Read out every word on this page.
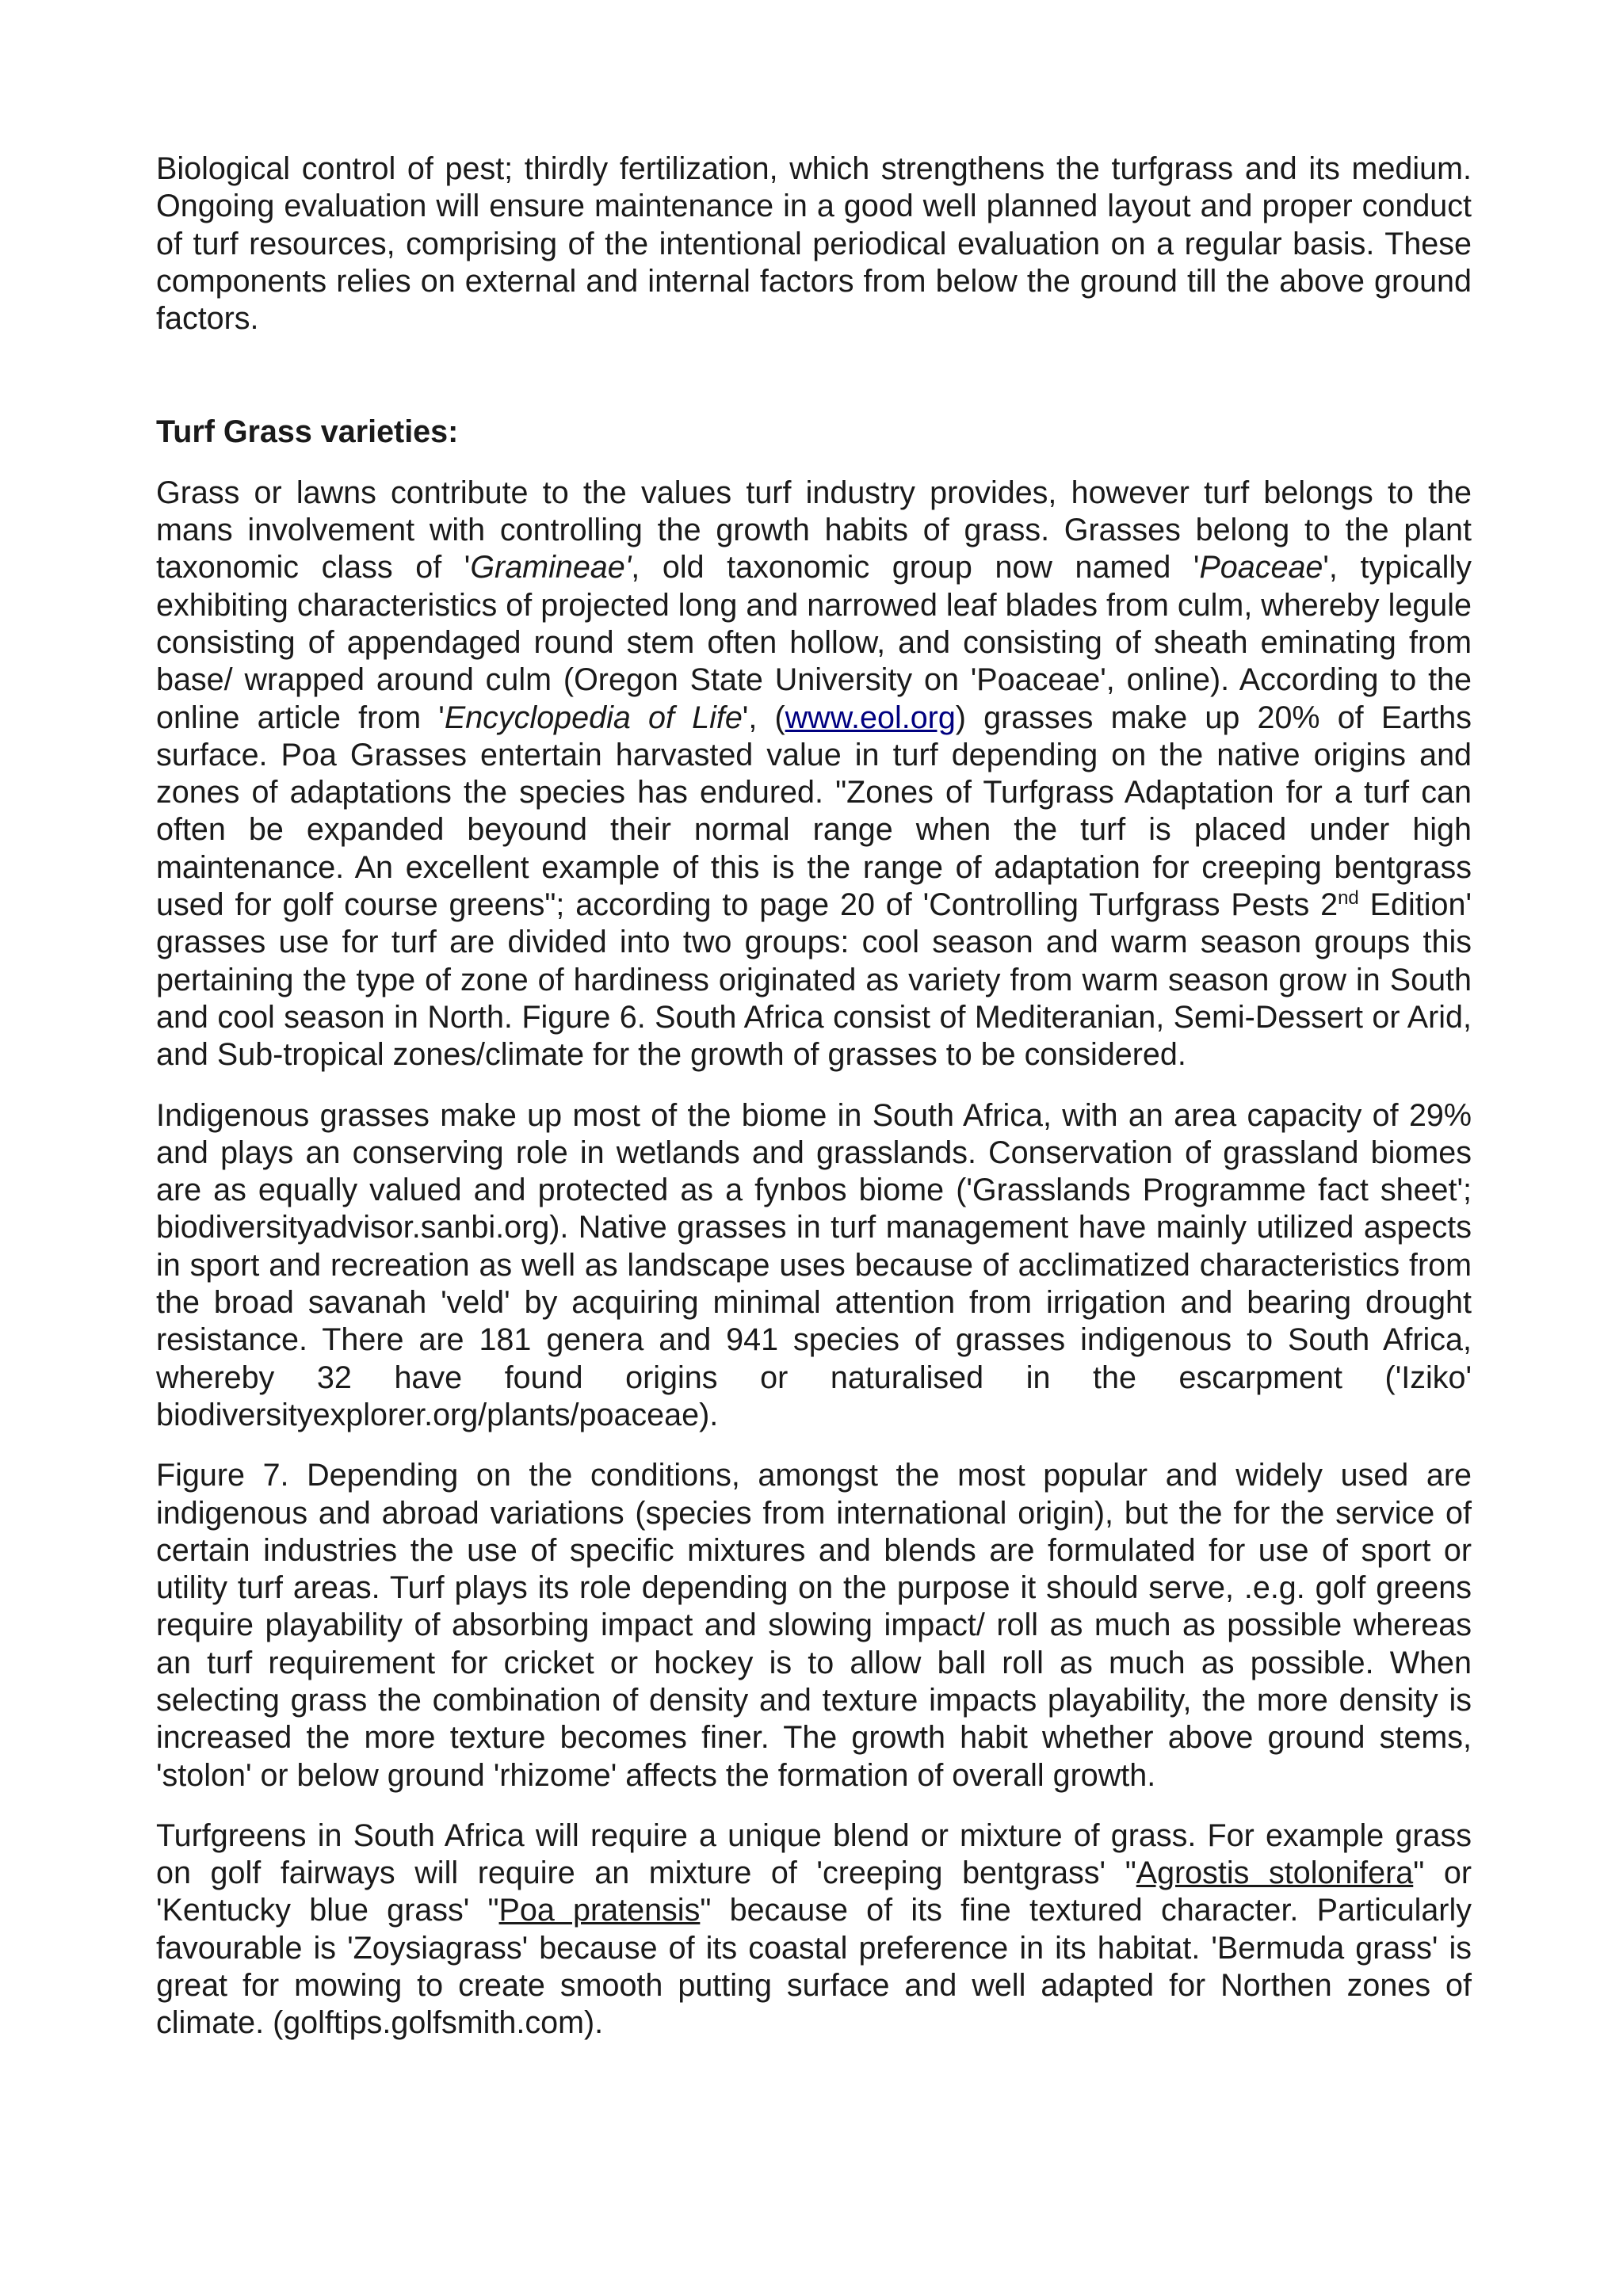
Biological control of pest; thirdly fertilization, which strengthens the turfgrass and its medium. Ongoing evaluation will ensure maintenance in a good well planned layout and proper conduct of turf resources, comprising of the intentional periodical evaluation on a regular basis. These components relies on external and internal factors from below the ground till the above ground factors.

Turf Grass varieties:

Grass or lawns contribute to the values turf industry provides, however turf belongs to the mans involvement with controlling the growth habits of grass. Grasses belong to the plant taxonomic class of 'Gramineae', old taxonomic group now named 'Poaceae', typically exhibiting characteristics of projected long and narrowed leaf blades from culm, whereby legule consisting of appendaged round stem often hollow, and consisting of sheath eminating from base/ wrapped around culm (Oregon State University on 'Poaceae', online). According to the online article from 'Encyclopedia of Life', (www.eol.org) grasses make up 20% of Earths surface. Poa Grasses entertain harvasted value in turf depending on the native origins and zones of adaptations the species has endured. "Zones of Turfgrass Adaptation for a turf can often be expanded beyound their normal range when the turf is placed under high maintenance. An excellent example of this is the range of adaptation for creeping bentgrass used for golf course greens"; according to page 20 of 'Controlling Turfgrass Pests 2nd Edition' grasses use for turf are divided into two groups: cool season and warm season groups this pertaining the type of zone of hardiness originated as variety from warm season grow in South and cool season in North. Figure 6. South Africa consist of Mediteranian, Semi-Dessert or Arid, and Sub-tropical zones/climate for the growth of grasses to be considered.

Indigenous grasses make up most of the biome in South Africa, with an area capacity of 29% and plays an conserving role in wetlands and grasslands. Conservation of grassland biomes are as equally valued and protected as a fynbos biome ('Grasslands Programme fact sheet'; biodiversityadvisor.sanbi.org). Native grasses in turf management have mainly utilized aspects in sport and recreation as well as landscape uses because of acclimatized characteristics from the broad savanah 'veld' by acquiring minimal attention from irrigation and bearing drought resistance. There are 181 genera and 941 species of grasses indigenous to South Africa, whereby 32 have found origins or naturalised in the escarpment ('Iziko' biodiversityexplorer.org/plants/poaceae).

Figure 7. Depending on the conditions, amongst the most popular and widely used are indigenous and abroad variations (species from international origin), but the for the service of certain industries the use of specific mixtures and blends are formulated for use of sport or utility turf areas. Turf plays its role depending on the purpose it should serve, .e.g. golf greens require playability of absorbing impact and slowing impact/ roll as much as possible whereas an turf requirement for cricket or hockey is to allow ball roll as much as possible. When selecting grass the combination of density and texture impacts playability, the more density is increased the more texture becomes finer. The growth habit whether above ground stems, 'stolon' or below ground 'rhizome' affects the formation of overall growth.

Turfgreens in South Africa will require a unique blend or mixture of grass. For example grass on golf fairways will require an mixture of 'creeping bentgrass' "Agrostis stolonifera" or 'Kentucky blue grass' "Poa pratensis" because of its fine textured character. Particularly favourable is 'Zoysiagrass' because of its coastal preference in its habitat. 'Bermuda grass' is great for mowing to create smooth putting surface and well adapted for Northen zones of climate. (golftips.golfsmith.com).
